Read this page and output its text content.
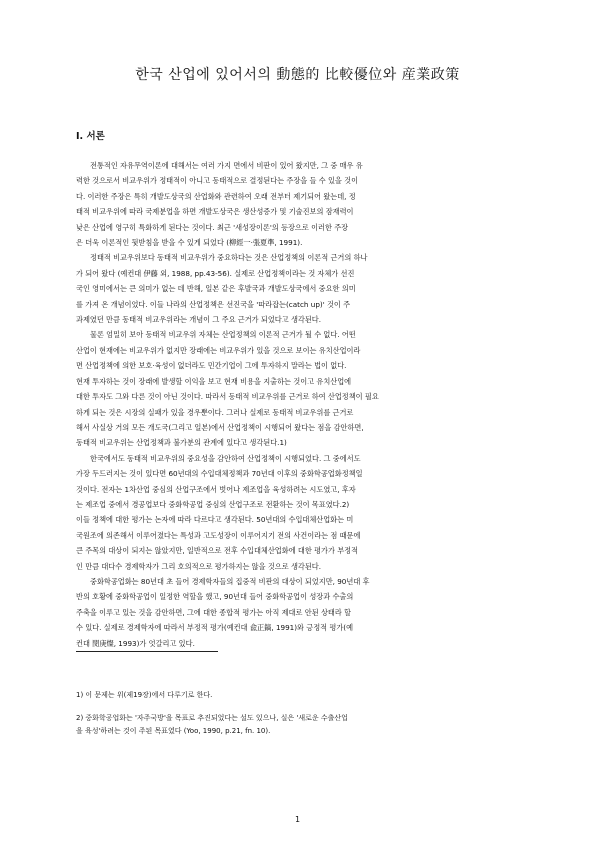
한국 산업에 있어서의 動態的 比較優位와 産業政策
Ⅰ. 서론

전통적인 자유무역이론에 대해서는 여러 가지 면에서 비판이 있어 왔지만, 그 중 매우 유

력한 것으로서 비교우위가 정태적이 아니고 동태적으로 결정된다는 주장을 들 수 있을 것이

다. 이러한 주장은 특히 개발도상국의 산업화와 관련하여 오래 전부터 제기되어 왔는데, 정

태적 비교우위에 따라 국제분업을 하면 개발도상국은 생산성증가 및 기술진보의 잠재력이

낮은 산업에 영구히 특화하게 된다는 것이다. 최근 '새성장이론'의 등장으로 이러한 주장

은 더욱 이론적인 뒷받침을 받을 수 있게 되었다 (柳經一·張夏準, 1991).

정태적 비교우위보다 동태적 비교우위가 중요하다는 것은 산업정책의 이론적 근거의 하나

가 되어 왔다 (예컨대 伊藤 외, 1988, pp.43-56). 실제로 산업정책이라는 것 자체가 선진

국인 영미에서는 큰 의미가 없는 데 반해, 일본 같은 후발국과 개발도상국에서 중요한 의미

를 가져 온 개념이었다. 이들 나라의 산업정책은 선진국을 '따라잡는(catch up)' 것이 주

과제였던 만큼 동태적 비교우위라는 개념이 그 주요 근거가 되었다고 생각된다.

물론 엄밀히 보아 동태적 비교우위 자체는 산업정책의 이론적 근거가 될 수 없다. 어떤

산업이 현재에는 비교우위가 없지만 장래에는 비교우위가 있을 것으로 보이는 유치산업이라

면 산업정책에 의한 보호·육성이 없더라도 민간기업이 그에 투자하지 말라는 법이 없다.

현재 투자하는 것이 장래에 발생할 이익을 보고 현재 비용을 지출하는 것이고 유치산업에

대한 투자도 그와 다른 것이 아닌 것이다. 따라서 동태적 비교우위를 근거로 하여 산업정책이 필요

하게 되는 것은 시장의 실패가 있을 경우뿐이다. 그러나 실제로 동태적 비교우위를 근거로

해서 사실상 거의 모든 개도국(그리고 일본)에서 산업정책이 시행되어 왔다는 점을 감안하면,

동태적 비교우위는 산업정책과 불가분의 관계에 있다고 생각된다.1)

한국에서도 동태적 비교우위의 중요성을 감안하여 산업정책이 시행되었다. 그 중에서도

가장 두드러지는 것이 있다면 60년대의 수입대체정책과 70년대 이후의 중화학공업화정책일

것이다. 전자는 1차산업 중심의 산업구조에서 벗어나 제조업을 육성하려는 시도였고, 후자

는 제조업 중에서 경공업보다 중화학공업 중심의 산업구조로 전환하는 것이 목표였다.2)

이들 정책에 대한 평가는 논자에 따라 다르다고 생각된다. 50년대의 수입대체산업화는 미

국원조에 의존해서 이루어졌다는 특성과 고도성장이 이루어지기 전의 사건이라는 점 때문에

큰 주목의 대상이 되지는 않았지만, 일반적으로 전후 수입대체산업화에 대한 평가가 부정적

인 만큼 대다수 경제학자가 그리 호의적으로 평가하지는 않을 것으로 생각된다.

중화학공업화는 80년대 초 들어 경제학자들의 집중적 비판의 대상이 되었지만, 90년대 후

반의 호황에 중화학공업이 일정한 역할을 했고, 90년대 들어 중화학공업이 성장과 수출의

주축을 이루고 있는 것을 감안하면, 그에 대한 종합적 평가는 아직 제대로 안된 상태라 할

수 있다. 실제로 경제학자에 따라서 부정적 평가(예컨대 兪正鎬, 1991)와 긍정적 평가(예

컨대 閔庚燦, 1993)가 엇갈리고 있다.

1) 이 문제는 위(제19장)에서 다루기로 한다.

2) 중화학공업화는 '자주국방'을 목표로 추진되었다는 설도 있으나, 실은 '새로운 수출산업

을 육성'하려는 것이 주된 목표였다 (Yoo, 1990, p.21, fn. 10).

1
